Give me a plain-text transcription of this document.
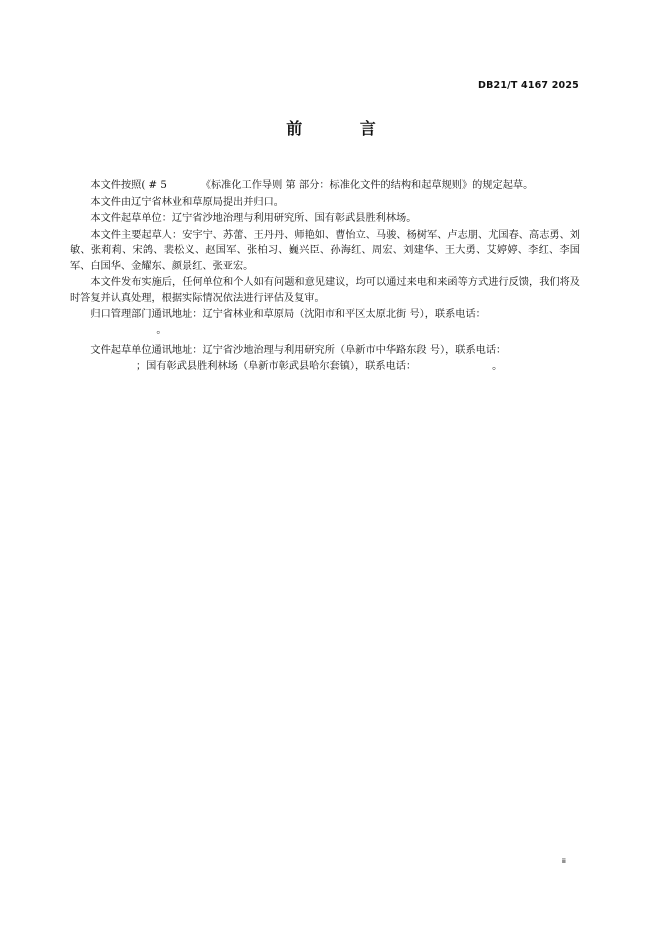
DB21/T 4167 2025
前 言

本文件按照( # 5	《标准化工作导则 第 部分：标准化文件的结构和起草规则》的规定起草。

本文件由辽宁省林业和草原局提出并归口。

本文件起草单位：辽宁省沙地治理与利用研究所、国有彰武县胜利林场。

本文件主要起草人：安宇宁、苏蕾、王丹丹、师艳如、曹怡立、马骏、杨树军、卢志朋、尤国春、高志勇、刘敏、张莉莉、宋鸽、裴松义、赵国军、张柏习、巍兴臣、孙海红、周宏、刘建华、王大勇、艾婷婷、李红、李国军、白国华、金耀东、颜景红、张亚宏。

本文件发布实施后，任何单位和个人如有问题和意见建议，均可以通过来电和来函等方式进行反馈，我们将及时答复并认真处理，根据实际情况依法进行评估及复审。

归口管理部门通讯地址：辽宁省林业和草原局（沈阳市和平区太原北街 号），联系电话：
。

文件起草单位通讯地址：辽宁省沙地治理与利用研究所（阜新市中华路东段 号），联系电话：
；国有彰武县胜利林场（阜新市彰武县哈尔套镇），联系电话：	。

ⅲ
